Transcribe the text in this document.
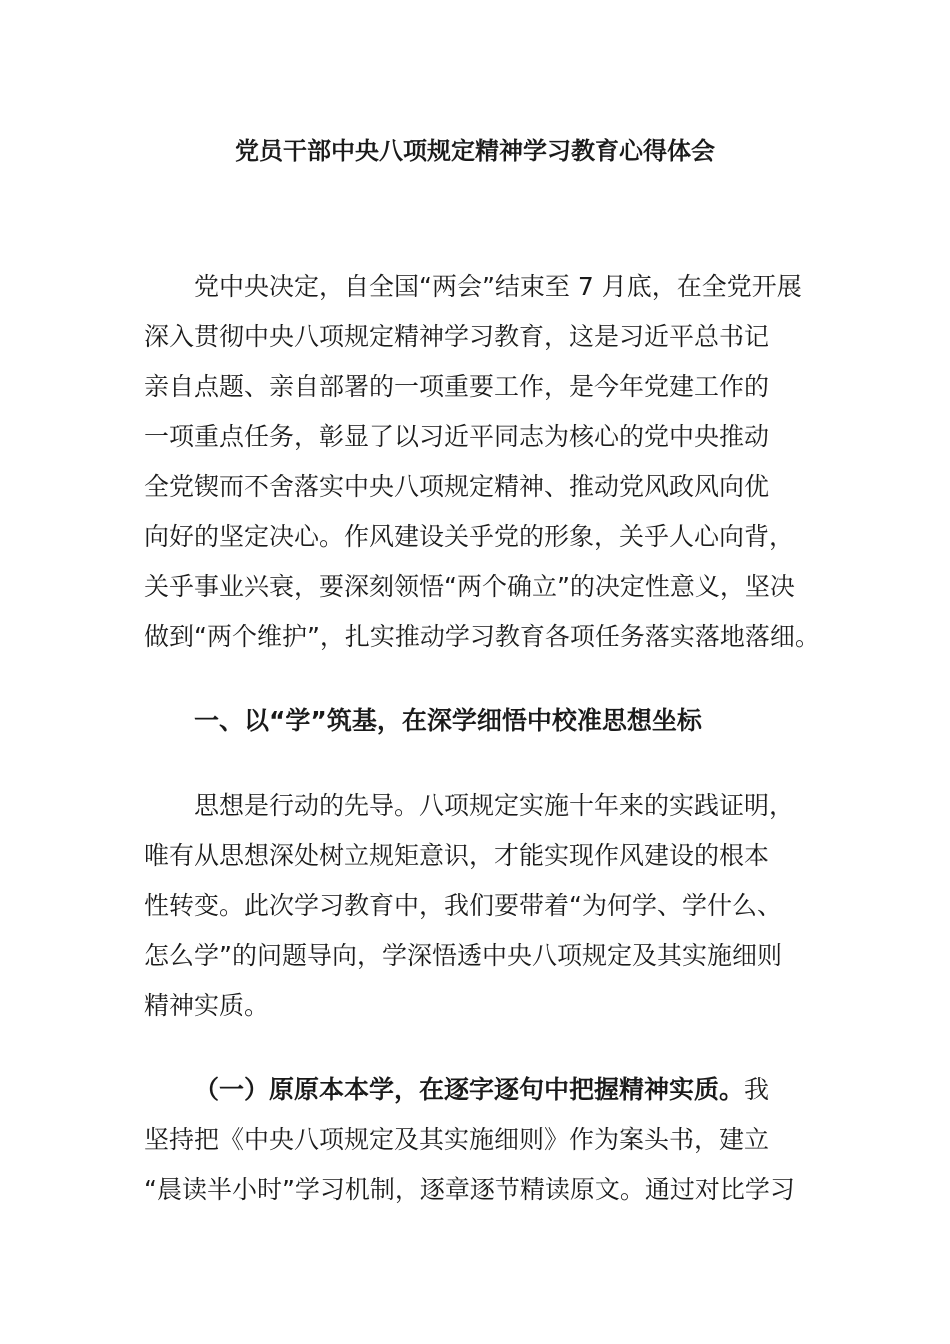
党员干部中央八项规定精神学习教育心得体会
党中央决定，自全国“两会”结束至 7 月底，在全党开展
深入贯彻中央八项规定精神学习教育，这是习近平总书记
亲自点题、亲自部署的一项重要工作，是今年党建工作的
一项重点任务，彰显了以习近平同志为核心的党中央推动
全党锲而不舍落实中央八项规定精神、推动党风政风向优
向好的坚定决心。作风建设关乎党的形象，关乎人心向背，
关乎事业兴衰，要深刻领悟“两个确立”的决定性意义，坚决
做到“两个维护”，扎实推动学习教育各项任务落实落地落细。
一、以“学”筑基，在深学细悟中校准思想坐标
思想是行动的先导。八项规定实施十年来的实践证明，
唯有从思想深处树立规矩意识，才能实现作风建设的根本
性转变。此次学习教育中，我们要带着“为何学、学什么、
怎么学”的问题导向，学深悟透中央八项规定及其实施细则
精神实质。
（一）原原本本学，在逐字逐句中把握精神实质。我
坚持把《中央八项规定及其实施细则》作为案头书，建立
“晨读半小时”学习机制，逐章逐节精读原文。通过对比学习
